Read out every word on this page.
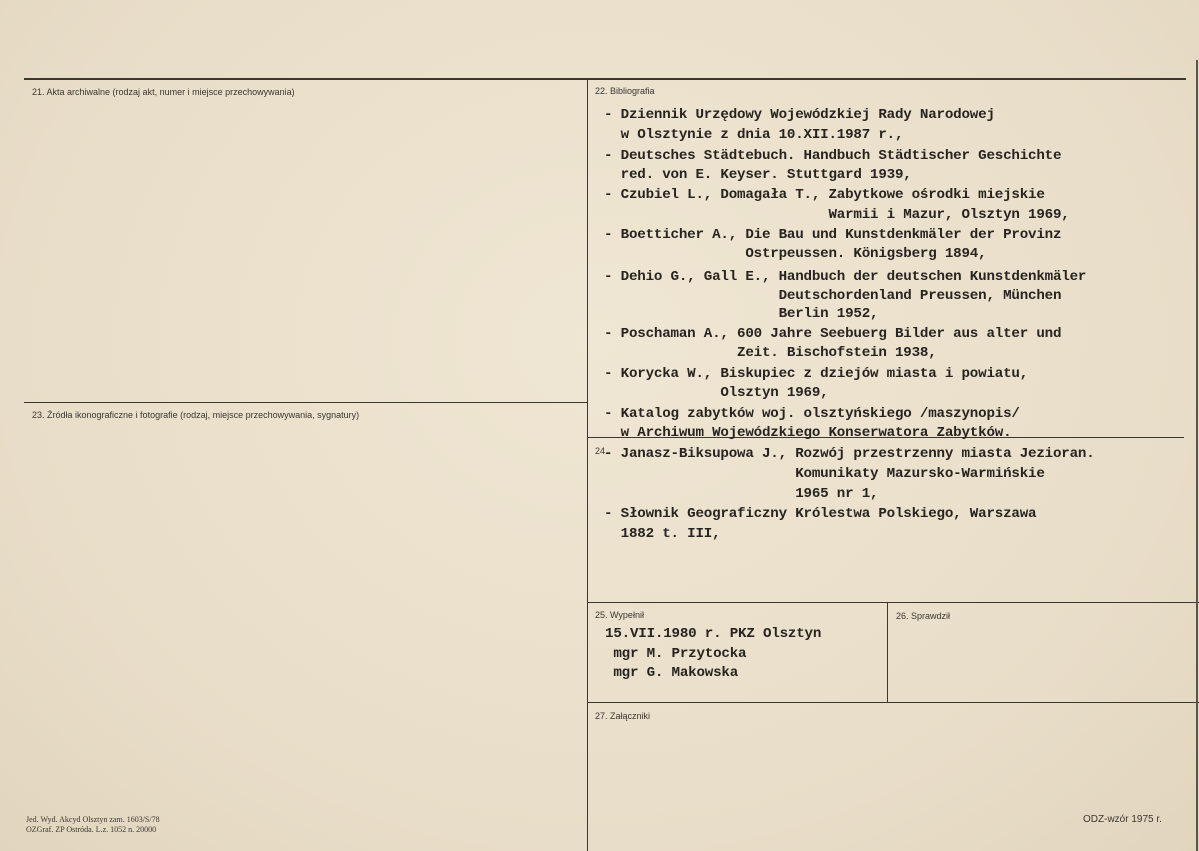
21. Akta archiwalne (rodzaj akt, numer i miejsce przechowywania)	22. Bibliografia
23. Źródła ikonograficzne i fotografie (rodzaj, miejsce przechowywania, sygnatury)
24.
25. Wypełnił	26. Sprawdził
27. Załączniki
- Dziennik Urzędowy Wojewódzkiej Rady Narodowej
w Olsztynie z dnia 10.XII.1987 r.,
- Deutsches Städtebuch. Handbuch Städtischer Geschichte
red. von E. Keyser. Stuttgard 1939,
- Czubiel L., Domagała T., Zabytkowe ośrodki miejskie
Warmii i Mazur, Olsztyn 1969,
- Boetticher A., Die Bau und Kunstdenkmäler der Provinz
Ostrpeussen. Königsberg 1894,
- Dehio G., Gall E., Handbuch der deutschen Kunstdenkmäler
Deutschordenland Preussen, München
Berlin 1952,
- Poschaman A., 600 Jahre Seebuerg Bilder aus alter und
Zeit. Bischofstein 1938,
- Korycka W., Biskupiec z dziejów miasta i powiatu,
Olsztyn 1969,
- Katalog zabytków woj. olsztyńskiego /maszynopis/
w Archiwum Wojewódzkiego Konserwatora Zabytków.
- Janasz-Biksupowa J., Rozwój przestrzenny miasta Jezioran.
Komunikaty Mazursko-Warmińskie
1965 nr 1,
- Słownik Geograficzny Królestwa Polskiego, Warszawa
1882 t. III,
15.VII.1980 r. PKZ Olsztyn
mgr M. Przytocka
mgr G. Makowska
Jed. Wyd. Akcyd Olsztyn zam. 1603/S/78
OZGraf. ZP Ostróda. L.z. 1052 n. 20000
ODZ-wzór 1975 r.
